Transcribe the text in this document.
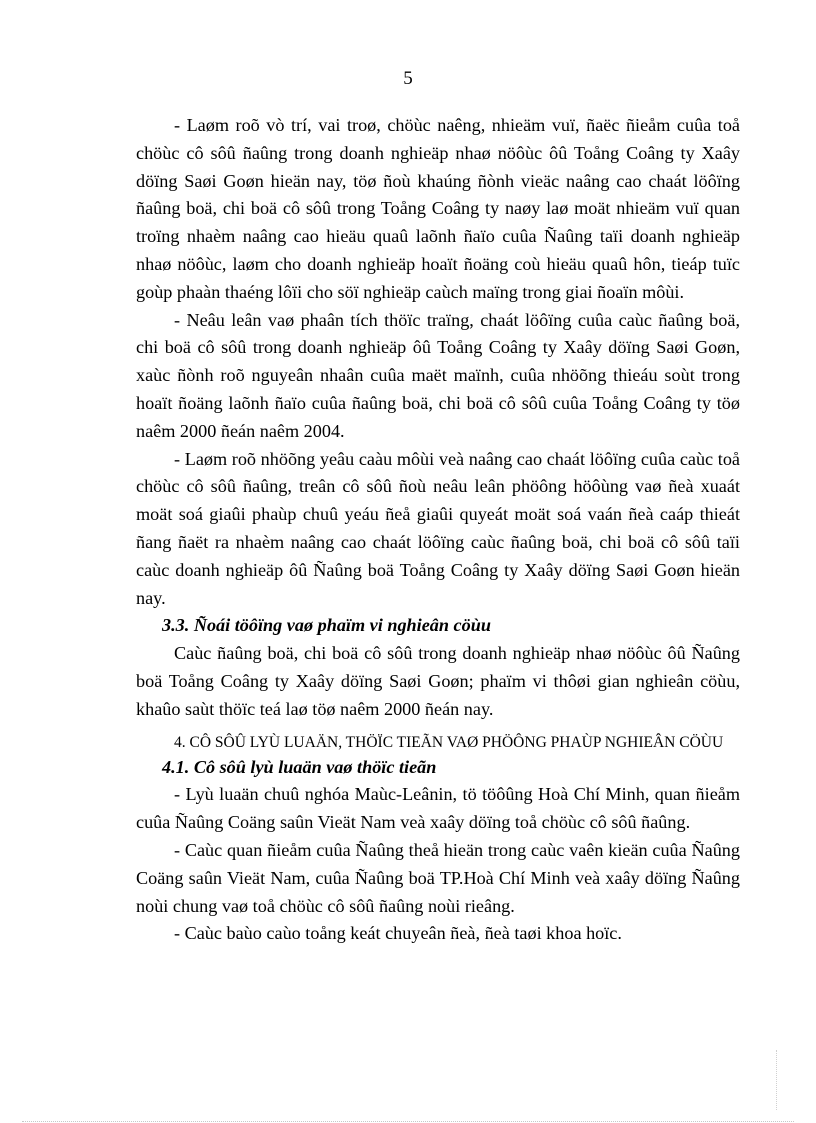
5

- Laøm roõ vò trí, vai troø, chöùc naêng, nhieäm vuï, ñaëc ñieåm cuûa toå chöùc cô sôû ñaûng trong doanh nghieäp nhaø nöôùc ôû Toång Coâng ty Xaây döïng Saøi Goøn hieän nay, töø ñoù khaúng ñònh vieäc naâng cao chaát löôïng ñaûng boä, chi boä cô sôû trong Toång Coâng ty naøy laø moät nhieäm vuï quan troïng nhaèm naâng cao hieäu quaû laõnh ñaïo cuûa Ñaûng taïi doanh nghieäp nhaø nöôùc, laøm cho doanh nghieäp hoaït ñoäng coù hieäu quaû hôn, tieáp tuïc goùp phaàn thaéng lôïi cho söï nghieäp caùch maïng trong giai ñoaïn môùi.

- Neâu leân vaø phaân tích thöïc traïng, chaát löôïng cuûa caùc ñaûng boä, chi boä cô sôû trong doanh nghieäp ôû Toång Coâng ty Xaây döïng Saøi Goøn, xaùc ñònh roõ nguyeân nhaân cuûa maët maïnh, cuûa nhöõng thieáu soùt trong hoaït ñoäng laõnh ñaïo cuûa ñaûng boä, chi boä cô sôû cuûa Toång Coâng ty töø naêm 2000 ñeán naêm 2004.

- Laøm roõ nhöõng yeâu caàu môùi veà naâng cao chaát löôïng cuûa caùc toå chöùc cô sôû ñaûng, treân cô sôû ñoù neâu leân phöông höôùng vaø ñeà xuaát moät soá giaûi phaùp chuû yeáu ñeå giaûi quyeát moät soá vaán ñeà caáp thieát ñang ñaët ra nhaèm naâng cao chaát löôïng caùc ñaûng boä, chi boä cô sôû taïi caùc doanh nghieäp ôû Ñaûng boä Toång Coâng ty Xaây döïng Saøi Goøn hieän nay.

3.3. Ñoái töôïng vaø phaïm vi nghieân cöùu

Caùc ñaûng boä, chi boä cô sôû trong doanh nghieäp nhaø nöôùc ôû Ñaûng boä Toång Coâng ty Xaây döïng Saøi Goøn; phaïm vi thôøi gian nghieân cöùu, khaûo saùt thöïc teá laø töø naêm 2000 ñeán nay.

4. CÔ SÔÛ LYÙ LUAÄN, THÖÏC TIEÃN VAØ PHÖÔNG PHAÙP NGHIEÂN CÖÙU

4.1. Cô sôû lyù luaän vaø thöïc tieãn

- Lyù luaän chuû nghóa Maùc-Leânin, tö töôûng Hoà Chí Minh, quan ñieåm cuûa Ñaûng Coäng saûn Vieät Nam veà xaây döïng toå chöùc cô sôû ñaûng.

- Caùc quan ñieåm cuûa Ñaûng theå hieän trong caùc vaên kieän cuûa Ñaûng Coäng saûn Vieät Nam, cuûa Ñaûng boä TP.Hoà Chí Minh veà xaây döïng Ñaûng noùi chung vaø toå chöùc cô sôû ñaûng noùi rieâng.

- Caùc baùo caùo toång keát chuyeân ñeà, ñeà taøi khoa hoïc.
